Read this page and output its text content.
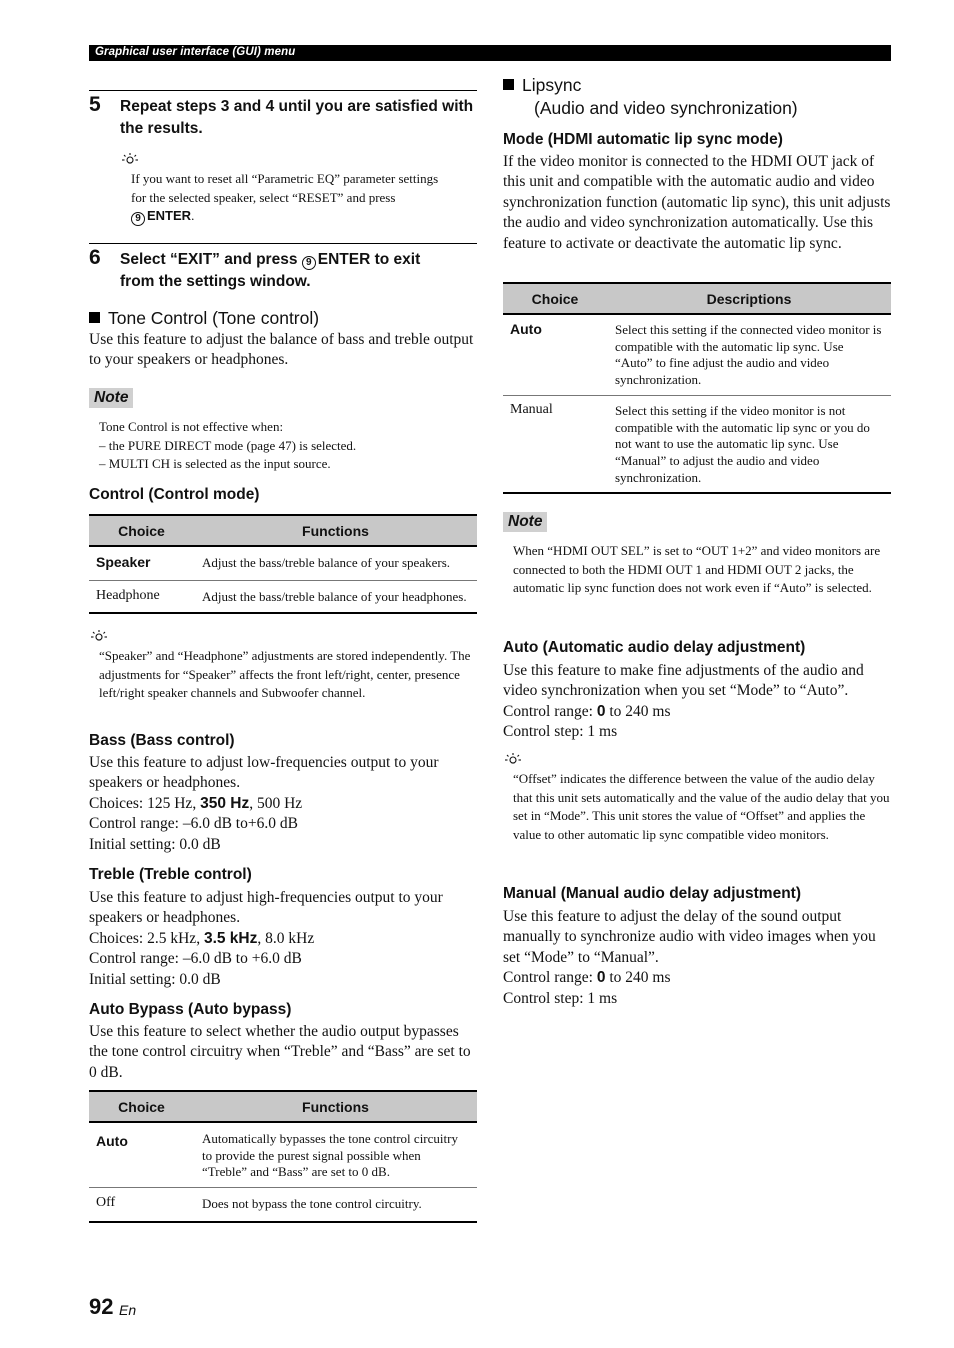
Graphical user interface (GUI) menu
5 Repeat steps 3 and 4 until you are satisfied with the results.
If you want to reset all “Parametric EQ” parameter settings
for the selected speaker, select “RESET” and press
9 ENTER.
6 Select “EXIT” and press 9 ENTER to exit
from the settings window.
Tone Control (Tone control)
Use this feature to adjust the balance of bass and treble output to your speakers or headphones.
Note
Tone Control is not effective when:
– the PURE DIRECT mode (page 47) is selected.
– MULTI CH is selected as the input source.
Control (Control mode)
Choice	Functions
Speaker	Adjust the bass/treble balance of your speakers.
Headphone	Adjust the bass/treble balance of your headphones.
“Speaker” and “Headphone” adjustments are stored independently. The adjustments for “Speaker” affects the front left/right, center, presence left/right speaker channels and Subwoofer channel.
Bass (Bass control)
Use this feature to adjust low-frequencies output to your speakers or headphones.
Choices: 125 Hz, 350 Hz, 500 Hz
Control range: –6.0 dB to+6.0 dB
Initial setting: 0.0 dB
Treble (Treble control)
Use this feature to adjust high-frequencies output to your speakers or headphones.
Choices: 2.5 kHz, 3.5 kHz, 8.0 kHz
Control range: –6.0 dB to +6.0 dB
Initial setting: 0.0 dB
Auto Bypass (Auto bypass)
Use this feature to select whether the audio output bypasses the tone control circuitry when “Treble” and “Bass” are set to 0 dB.
Choice	Functions
Auto	Automatically bypasses the tone control circuitry to provide the purest signal possible when “Treble” and “Bass” are set to 0 dB.
Off	Does not bypass the tone control circuitry.
Lipsync
(Audio and video synchronization)
Mode (HDMI automatic lip sync mode)
If the video monitor is connected to the HDMI OUT jack of this unit and compatible with the automatic audio and video synchronization function (automatic lip sync), this unit adjusts the audio and video synchronization automatically. Use this feature to activate or deactivate the automatic lip sync.
Choice	Descriptions
Auto	Select this setting if the connected video monitor is compatible with the automatic lip sync. Use “Auto” to fine adjust the audio and video synchronization.
Manual	Select this setting if the video monitor is not compatible with the automatic lip sync or you do not want to use the automatic lip sync. Use “Manual” to adjust the audio and video synchronization.
Note
When “HDMI OUT SEL” is set to “OUT 1+2” and video monitors are connected to both the HDMI OUT 1 and HDMI OUT 2 jacks, the automatic lip sync function does not work even if “Auto” is selected.
Auto (Automatic audio delay adjustment)
Use this feature to make fine adjustments of the audio and video synchronization when you set “Mode” to “Auto”.
Control range: 0 to 240 ms
Control step: 1 ms
“Offset” indicates the difference between the value of the audio delay that this unit sets automatically and the value of the audio delay that you set in “Mode”. This unit stores the value of “Offset” and applies the value to other automatic lip sync compatible video monitors.
Manual (Manual audio delay adjustment)
Use this feature to adjust the delay of the sound output manually to synchronize audio with video images when you set “Mode” to “Manual”.
Control range: 0 to 240 ms
Control step: 1 ms
92 En
